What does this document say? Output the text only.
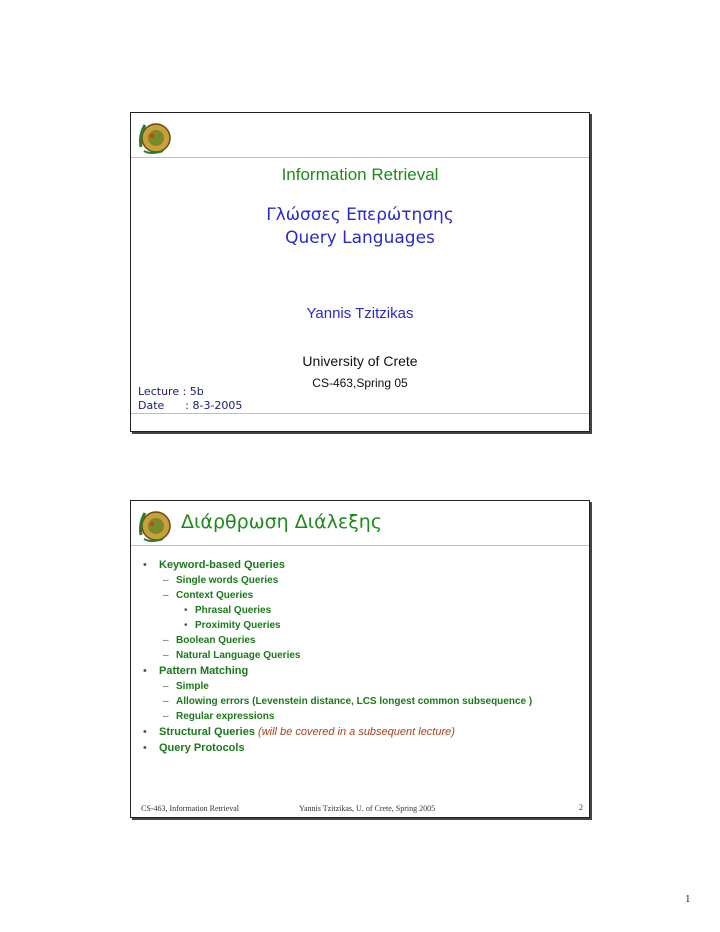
Information Retrieval
Γλώσσες Επερώτησης
Query Languages
Yannis Tzitzikas
University of Crete
CS-463,Spring 05
Lecture : 5b
Date      : 8-3-2005
Διάρθρωση Διάλεξης
• Keyword-based Queries
– Single words Queries
– Context Queries
• Phrasal Queries
• Proximity Queries
– Boolean Queries
– Natural Language Queries
• Pattern Matching
– Simple
– Allowing errors (Levenstein distance, LCS longest common subsequence )
– Regular expressions
• Structural Queries (will be covered in a subsequent lecture)
• Query Protocols
CS-463, Information Retrieval	Yannis Tzitzikas, U. of Crete, Spring 2005	2
1
